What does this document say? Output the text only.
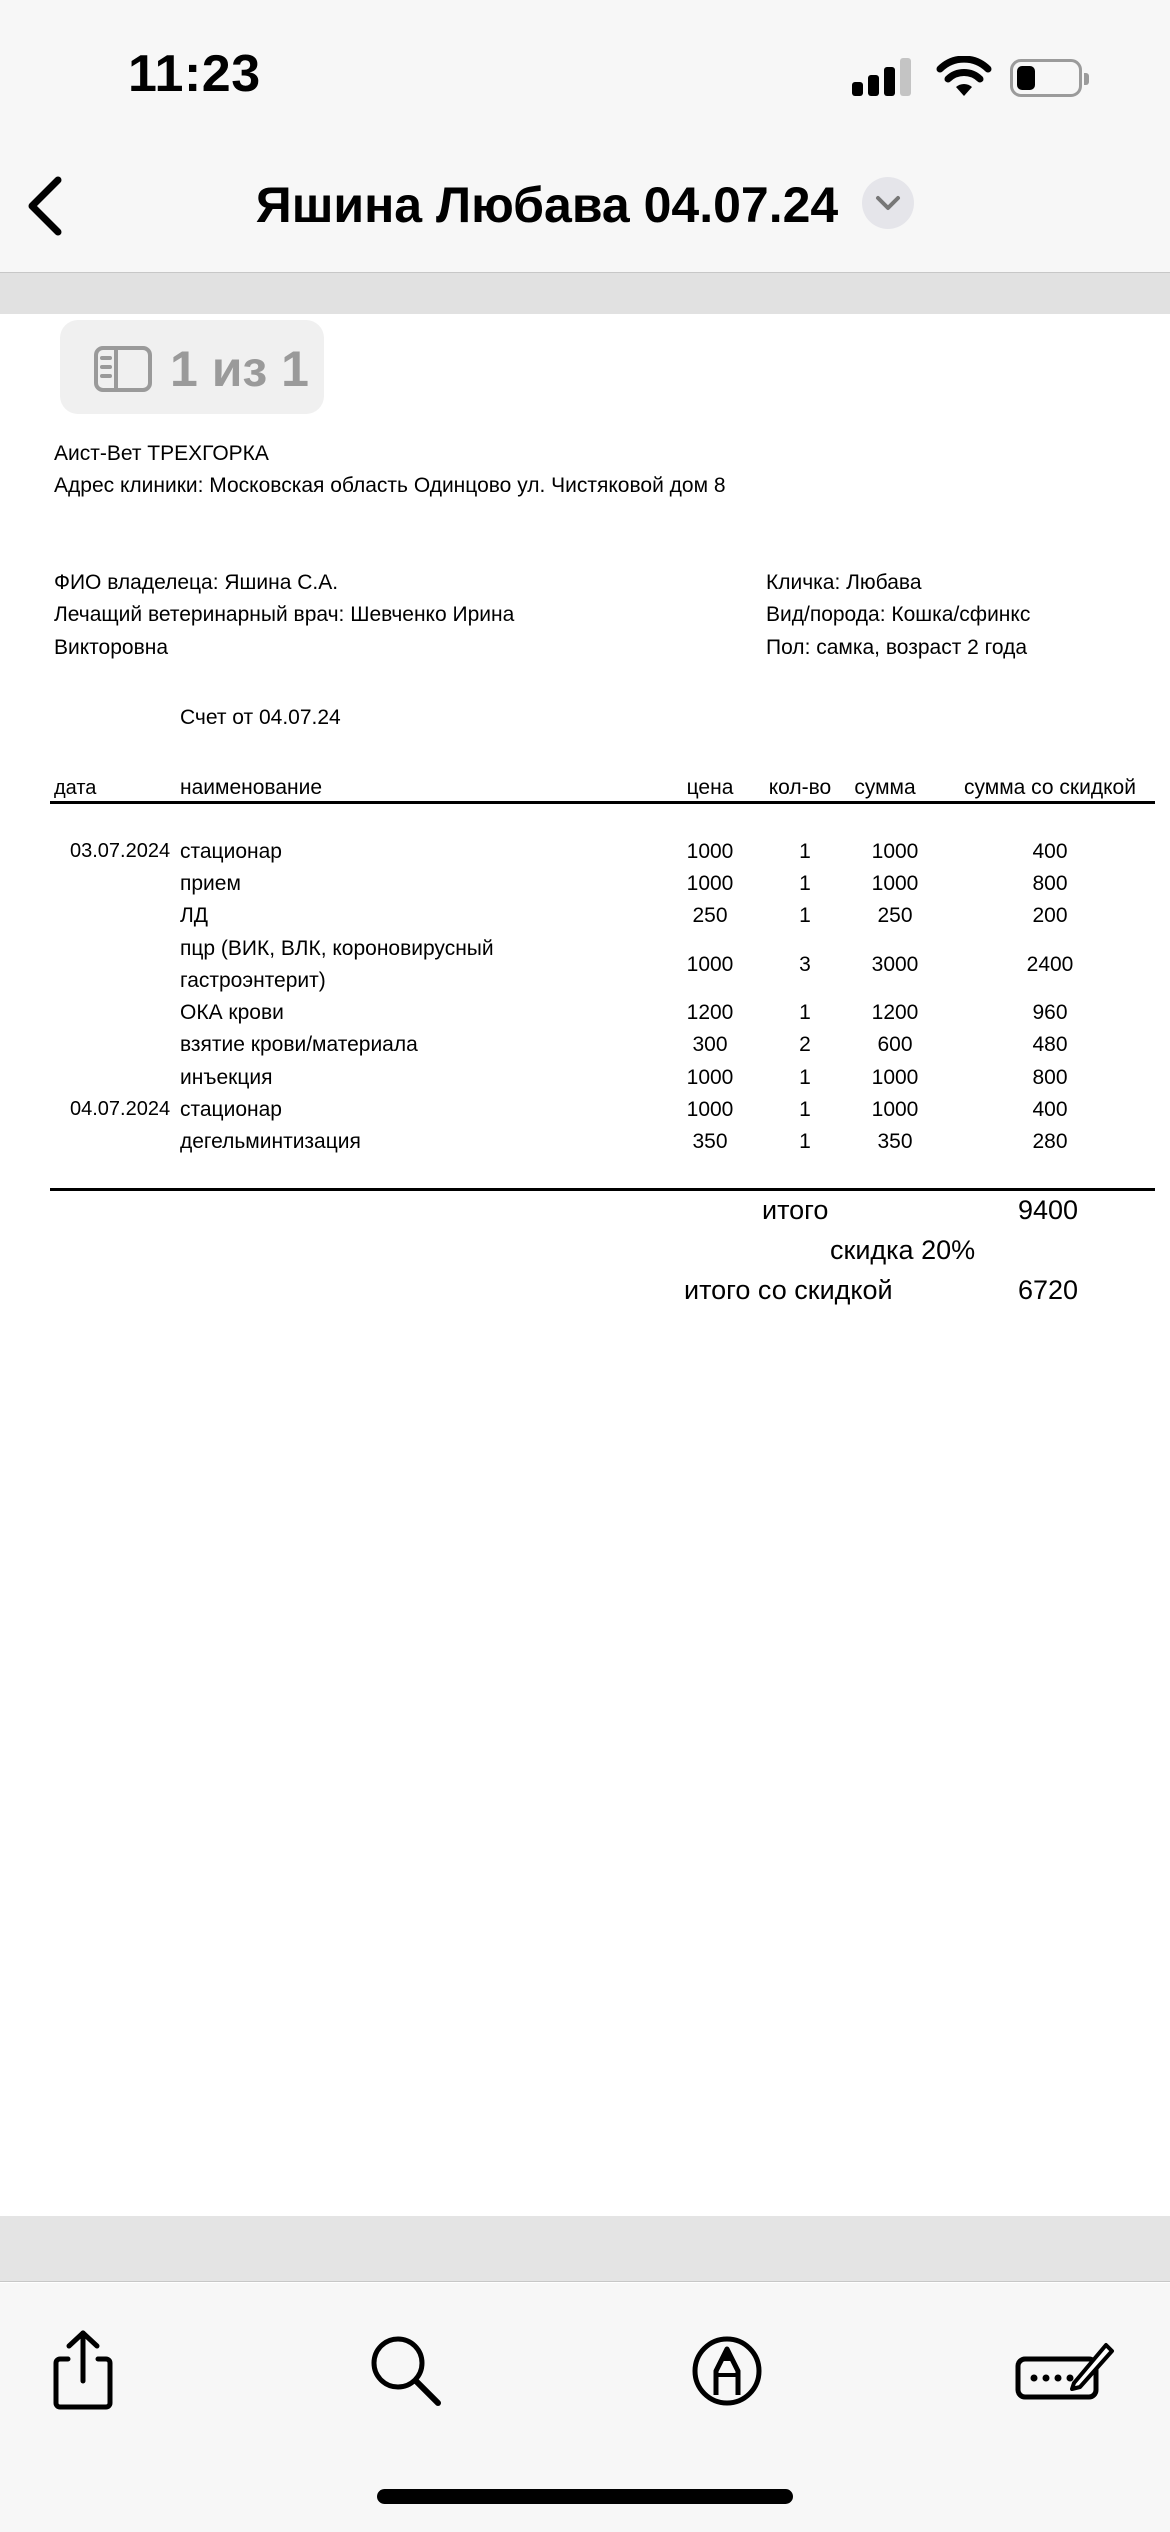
11:23
Яшина Любава 04.07.24
Аист-Вет ТРЕХГОРКА
Адрес клиники: Московская область Одинцово ул. Чистяковой дом 8
ФИО владелеца: Яшина С.А.
Лечащий ветеринарный врач: Шевченко Ирина
Викторовна
Кличка: Любава
Вид/порода: Кошка/сфинкс
Пол: самка, возраст 2 года
Счет от 04.07.24
дата	наименование	цена	кол-во	сумма	сумма со скидкой
03.07.2024 стационар	1000	1	1000	400
прием	1000	1	1000	800
ЛД	250	1	250	200
пцр (ВИК, ВЛК, короновирусный
гастроэнтерит)
1000	3	3000	2400
ОКА крови	1200	1	1200	960
взятие крови/материала	300	2	600	480
инъекция	1000	1	1000	800
04.07.2024 стационар	1000	1	1000	400
дегельминтизация	350	1	350	280
итого	9400
скидка 20%
итого со скидкой	6720
1 из 1
